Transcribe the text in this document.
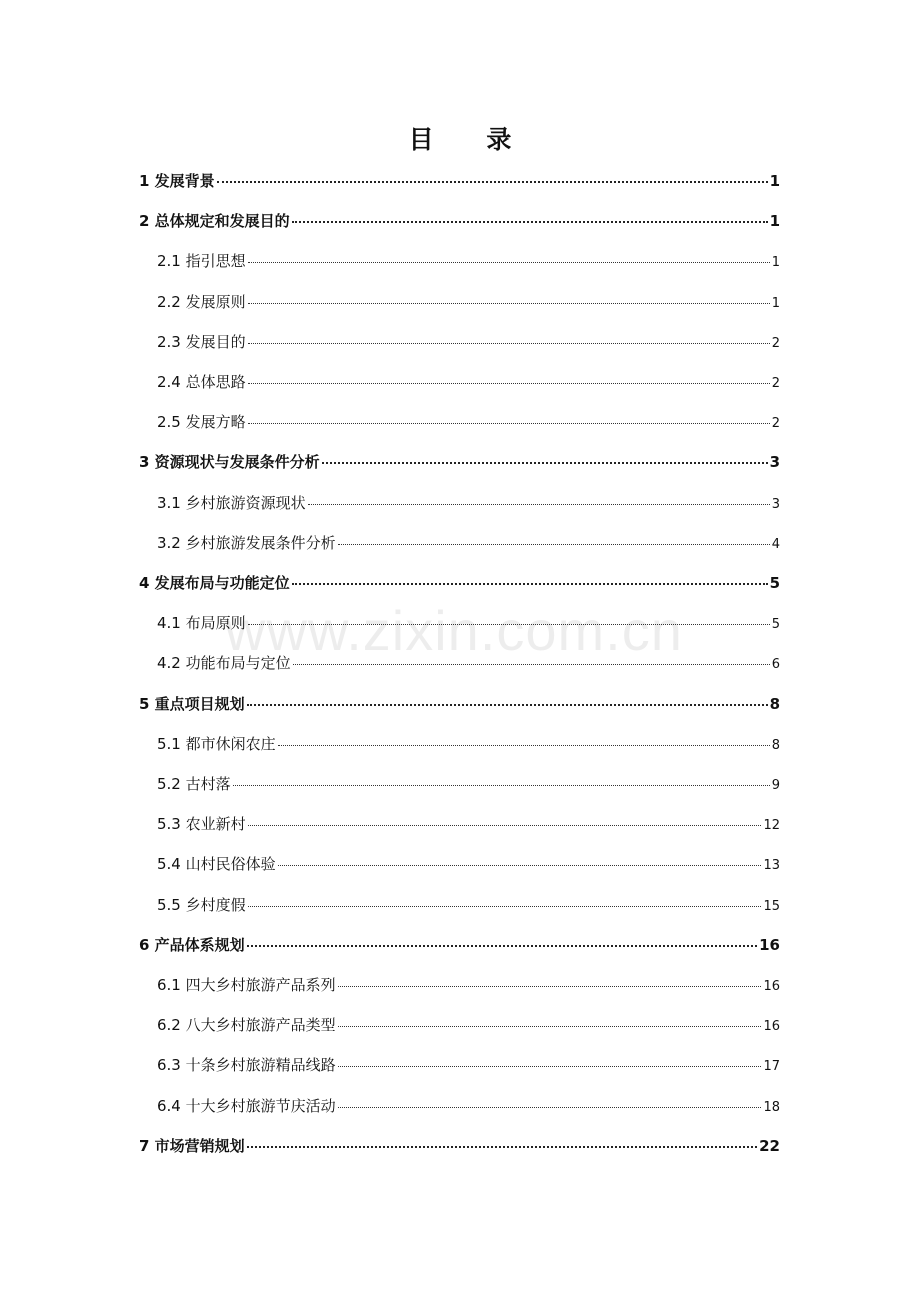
目 录
www.zixin.com.cn
1 发展背景	1
2 总体规定和发展目的	1
2.1 指引思想	1
2.2 发展原则	1
2.3 发展目的	2
2.4 总体思路	2
2.5 发展方略	2
3 资源现状与发展条件分析	3
3.1 乡村旅游资源现状	3
3.2 乡村旅游发展条件分析	4
4 发展布局与功能定位	5
4.1 布局原则	5
4.2 功能布局与定位	6
5 重点项目规划	8
5.1 都市休闲农庄	8
5.2 古村落	9
5.3 农业新村	12
5.4 山村民俗体验	13
5.5 乡村度假	15
6 产品体系规划	16
6.1 四大乡村旅游产品系列	16
6.2 八大乡村旅游产品类型	16
6.3 十条乡村旅游精品线路	17
6.4 十大乡村旅游节庆活动	18
7 市场营销规划	22
